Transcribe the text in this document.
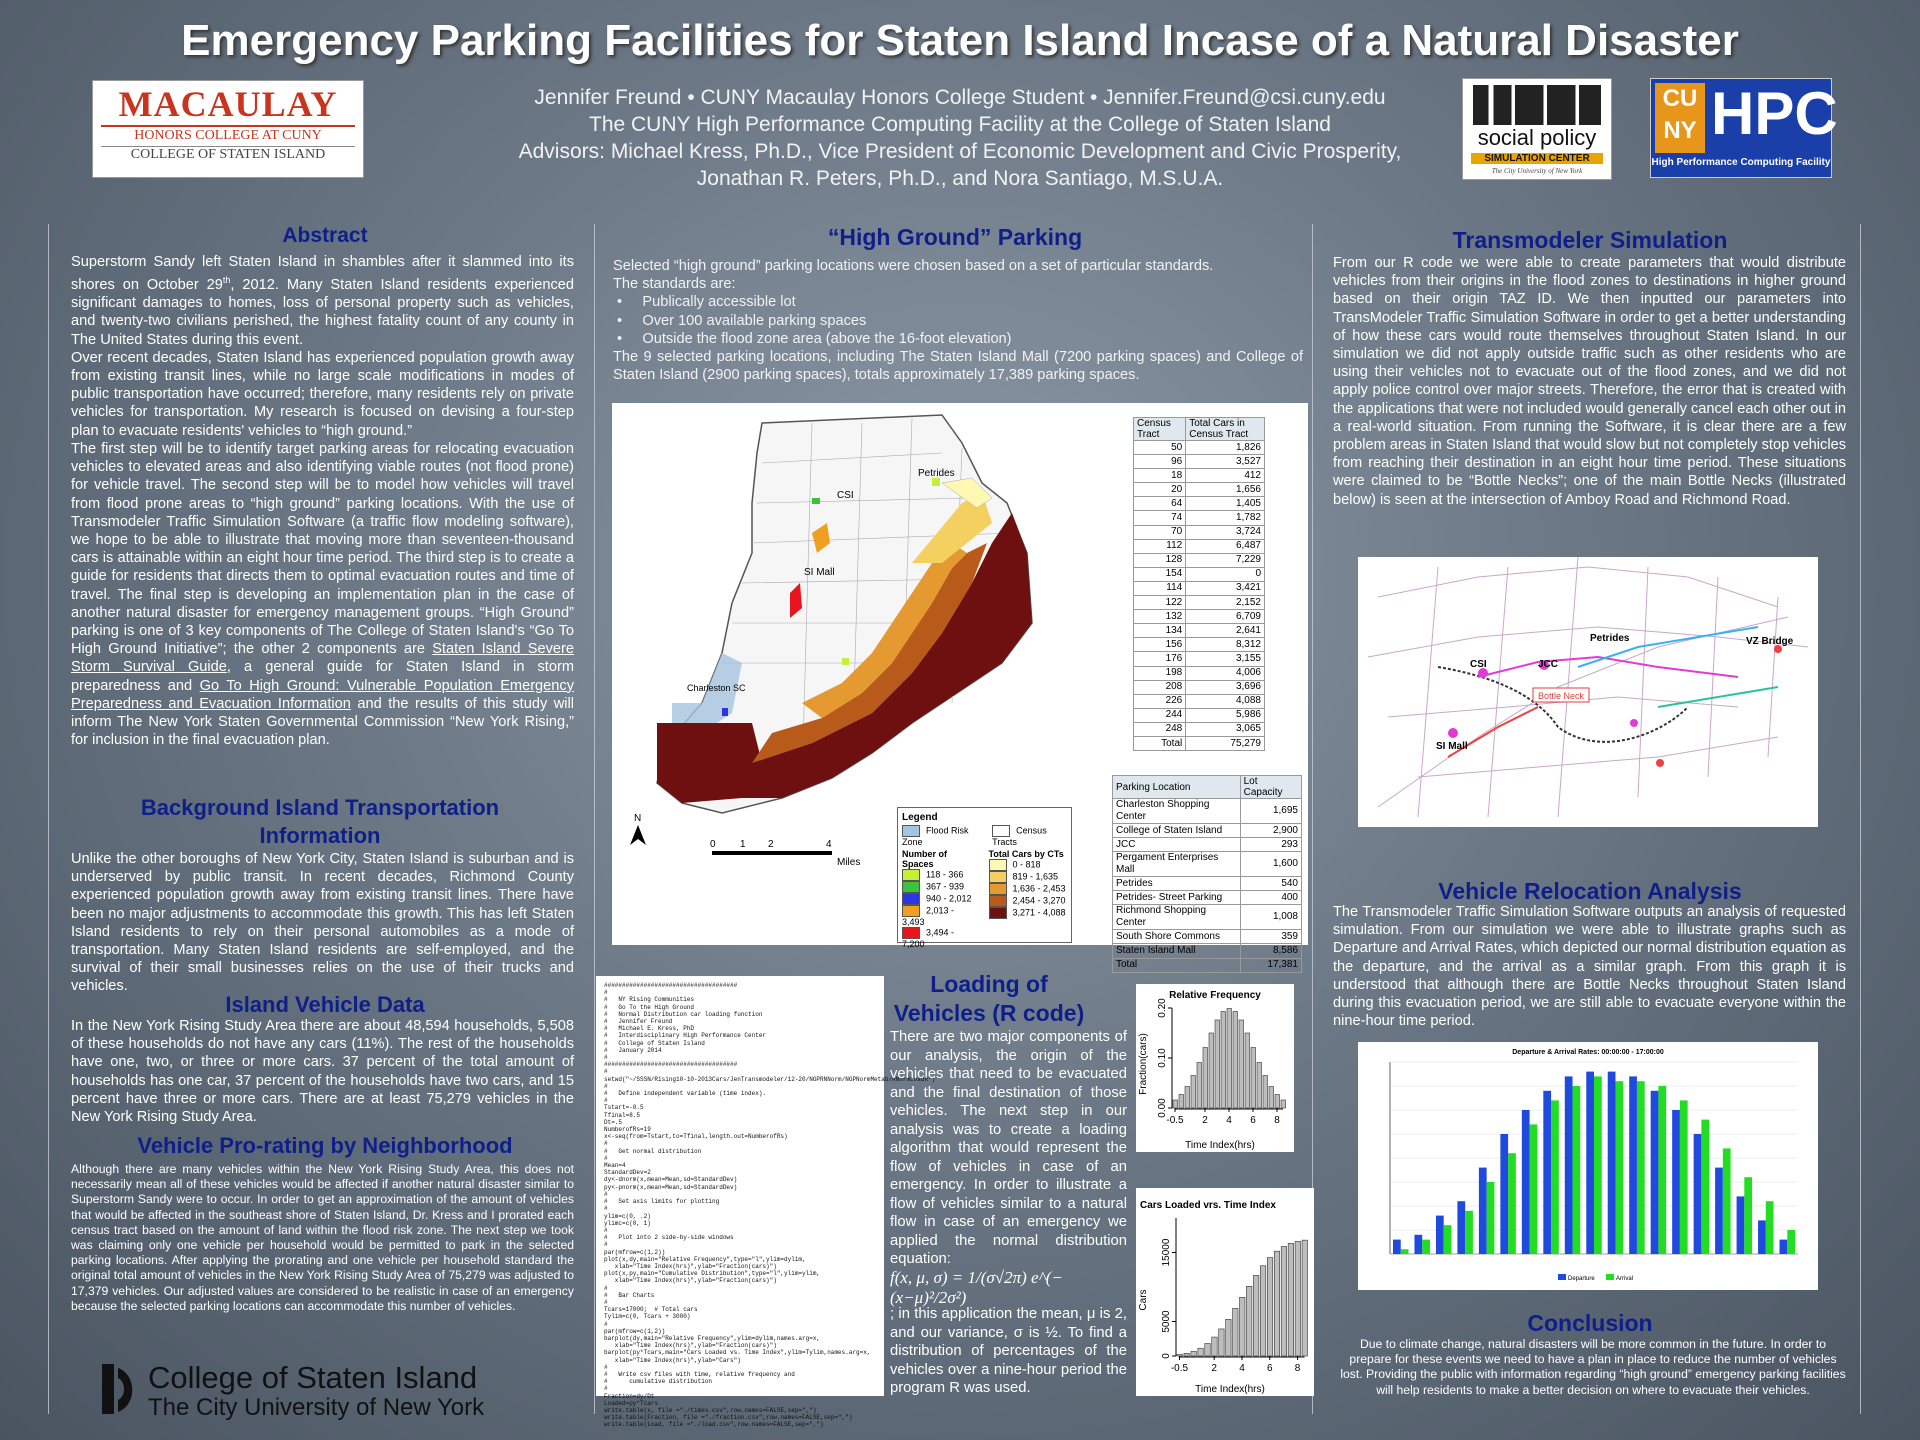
Emergency Parking Facilities for Staten Island Incase of a Natural Disaster
Jennifer Freund • CUNY Macaulay Honors College Student • Jennifer.Freund@csi.cuny.edu
The CUNY High Performance Computing Facility at the College of Staten Island
Advisors: Michael Kress, Ph.D., Vice President of Economic Development and Civic Prosperity,
Jonathan R. Peters, Ph.D., and Nora Santiago, M.S.U.A.
MACAULAY
HONORS COLLEGE AT CUNY
COLLEGE OF STATEN ISLAND
social policy
SIMULATION CENTER
The City University of New York
CU NY HPC
High Performance Computing Facility
Abstract
Superstorm Sandy left Staten Island in shambles after it slammed into its shores on October 29th, 2012. Many Staten Island residents experienced significant damages to homes, loss of personal property such as vehicles, and twenty-two civilians perished, the highest fatality count of any county in The United States during this event.
Over recent decades, Staten Island has experienced population growth away from existing transit lines, while no large scale modifications in modes of public transportation have occurred; therefore, many residents rely on private vehicles for transportation. My research is focused on devising a four-step plan to evacuate residents' vehicles to “high ground.”
The first step will be to identify target parking areas for relocating evacuation vehicles to elevated areas and also identifying viable routes (not flood prone) for vehicle travel. The second step will be to model how vehicles will travel from flood prone areas to “high ground” parking locations. With the use of Transmodeler Traffic Simulation Software (a traffic flow modeling software), we hope to be able to illustrate that moving more than seventeen-thousand cars is attainable within an eight hour time period. The third step is to create a guide for residents that directs them to optimal evacuation routes and time of travel. The final step is developing an implementation plan in the case of another natural disaster for emergency management groups. “High Ground” parking is one of 3 key components of The College of Staten Island's “Go To High Ground Initiative”; the other 2 components are Staten Island Severe Storm Survival Guide, a general guide for Staten Island in storm preparedness and Go To High Ground: Vulnerable Population Emergency Preparedness and Evacuation Information and the results of this study will inform The New York Staten Governmental Commission “New York Rising,” for inclusion in the final evacuation plan.
Background Island Transportation Information
Unlike the other boroughs of New York City, Staten Island is suburban and is underserved by public transit. In recent decades, Richmond County experienced population growth away from existing transit lines. There have been no major adjustments to accommodate this growth. This has left Staten Island residents to rely on their personal automobiles as a mode of transportation. Many Staten Island residents are self-employed, and the survival of their small businesses relies on the use of their trucks and vehicles.
Island Vehicle Data
In the New York Rising Study Area there are about 48,594 households, 5,508 of these households do not have any cars (11%). The rest of the households have one, two, or three or more cars. 37 percent of the total amount of households has one car, 37 percent of the households have two cars, and 15 percent have three or more cars. There are at least 75,279 vehicles in the New York Rising Study Area.
Vehicle Pro-rating by Neighborhood
Although there are many vehicles within the New York Rising Study Area, this does not necessarily mean all of these vehicles would be affected if another natural disaster similar to Superstorm Sandy were to occur. In order to get an approximation of the amount of vehicles that would be affected in the southeast shore of Staten Island, Dr. Kress and I prorated each census tract based on the amount of land within the flood risk zone. The next step we took was claiming only one vehicle per household would be permitted to park in the selected parking locations. After applying the prorating and one vehicle per household standard the original total amount of vehicles in the New York Rising Study Area of 75,279 was adjusted to 17,379 vehicles. Our adjusted values are considered to be realistic in case of an emergency because the selected parking locations can accommodate this number of vehicles.
College of Staten Island
The City University of New York
“High Ground” Parking
Selected “high ground” parking locations were chosen based on a set of particular standards.
The standards are:
•     Publically accessible lot
•     Over 100 available parking spaces
•     Outside the flood zone area (above the 16-foot elevation)
The 9 selected parking locations, including The Staten Island Mall (7200 parking spaces) and College of Staten Island (2900 parking spaces), totals approximately 17,389 parking spaces.
CSI
Petrides
SI Mall
Charleston SC
N
0 1 2	4
Miles
Legend
Flood Risk Zone
Census Tracts
Number of Spaces
118 - 366
367 - 939
940 - 2,012
2,013 - 3,493
3,494 - 7,200
Total Cars by CTs
0 - 818
819 - 1,635
1,636 - 2,453
2,454 - 3,270
3,271 - 4,088
Census Tract	Total Cars in Census Tract
50	1,826
96	3,527
18	412
20	1,656
64	1,405
74	1,782
70	3,724
112	6,487
128	7,229
154	0
114	3,421
122	2,152
132	6,709
134	2,641
156	8,312
176	3,155
198	4,006
208	3,696
226	4,088
244	5,986
248	3,065
Total	75,279
Parking Location	Lot Capacity
Charleston Shopping Center	1,695
College of Staten Island	2,900
JCC	293
Pergament Enterprises Mall	1,600
Petrides	540
Petrides- Street Parking	400
Richmond Shopping Center	1,008
South Shore Commons	359
Staten Island Mall	8,586
Total	17,381
#####################################
#
#   NY Rising Communities
#   Go To the High Ground
#   Normal Distribution car loading function
#   Jennifer Freund
#   Michael E. Kress, PhD
#   Interdisciplinary High Performance Center
#   College of Staten Island
#   January 2014
#
#####################################
#
setwd("~/SSSN/Rising10-10-2013Cars/JenTransmodeler/12-20/NGPRNNorm/NGPNormMetab/RNormLoadR")
#
#   Define independent variable (time index).
#
Tstart=-0.5
Tfinal=8.5
Dt=.5
NumberofRs=19
x<-seq(from=Tstart,to=Tfinal,length.out=NumberofRs)
#
#   Get normal distribution
#
Mean=4
StandardDev=2
dy<-dnorm(x,mean=Mean,sd=StandardDev)
py<-pnorm(x,mean=Mean,sd=StandardDev)
#
#   Set axis limits for plotting
#
ylim=c(0, .2)
ylimc=c(0, 1)
#
#   Plot into 2 side-by-side windows
#
par(mfrow=c(1,2))
plot(x,dy,main="Relative Frequency",type="l",ylim=dylim,
xlab="Time Index(hrs)",ylab="Fraction(cars)")
plot(x,py,main="Cumulative Distribution",type="l",ylim=ylim,
xlab="Time Index(hrs)",ylab="Fraction(cars)")
#
#   Bar Charts
#
Tcars=17000;  # Total cars
Tylim=c(0, Tcars + 3000)
#
par(mfrow=c(1,2))
barplot(dy,main="Relative Frequency",ylim=dylim,names.arg=x,
xlab="Time Index(hrs)",ylab="Fraction(cars)")
barplot(py*Tcars,main="Cars Loaded vs. Time Index",ylim=Tylim,names.arg=x,
xlab="Time Index(hrs)",ylab="Cars")
#
#   Write csv files with time, relative frequency and
#      cumulative distribution
#
Fraction=dy/Dt
Loaded=py*Tcars
write.table(x, file ="./times.csv",row.names=FALSE,sep=",")
write.table(Fraction, file ="./fraction.csv",row.names=FALSE,sep=",")
write.table(Load, file ="./load.csv",row.names=FALSE,sep=",")
Loading of Vehicles (R code)
There are two major components of our analysis, the origin of the vehicles that need to be evacuated and the final destination of those vehicles. The next step in our analysis was to create a loading algorithm that would represent the flow of vehicles in case of an emergency. In order to illustrate a flow of vehicles similar to a natural flow in case of an emergency we applied the normal distribution equation:
f(x, μ, σ) = 1/(σ√2π) e^(−(x−μ)²/2σ²)
; in this application the mean, μ is 2, and our variance, σ is ½. To find a distribution of percentages of the vehicles over a nine-hour period the program R was used.
Relative Frequency
Time Index(hrs)
Fraction(cars)
0.00
0.10
0.20
-0.5 2 4 6 8
Cars Loaded vrs. Time Index
Time Index(hrs)
Cars
0
5000
15000
-0.5 2 4 6 8
Transmodeler Simulation
From our R code we were able to create parameters that would distribute vehicles from their origins in the flood zones to destinations in higher ground based on their origin TAZ ID. We then inputted our parameters into TransModeler Traffic Simulation Software in order to get a better understanding of how these cars would route themselves throughout Staten Island. In our simulation we did not apply outside traffic such as other residents who are using their vehicles not to evacuate out of the flood zones, and we did not apply police control over major streets. Therefore, the error that is created with the applications that were not included would generally cancel each other out in a real-world situation. From running the Software, it is clear there are a few problem areas in Staten Island that would slow but not completely stop vehicles from reaching their destination in an eight hour time period. These situations were claimed to be “Bottle Necks”; one of the main Bottle Necks (illustrated below) is seen at the intersection of Amboy Road and Richmond Road.
Petrides	VZ Bridge
CSI	JCC
Bottle Neck
SI Mall
Vehicle Relocation Analysis
The Transmodeler Traffic Simulation Software outputs an analysis of requested simulation. From our simulation we were able to illustrate graphs such as Departure and Arrival Rates, which depicted our normal distribution equation as the departure, and the arrival as a similar graph. From this graph it is understood that although there are Bottle Necks throughout Staten Island during this evacuation period, we are still able to evacuate everyone within the nine-hour time period.
Departure & Arrival Rates: 00:00:00 - 17:00:00
Departure	Arrival
Conclusion
Due to climate change, natural disasters will be more common in the future. In order to prepare for these events we need to have a plan in place to reduce the number of vehicles lost. Providing the public with information regarding “high ground” emergency parking facilities will help residents to make a better decision on where to evacuate their vehicles.
